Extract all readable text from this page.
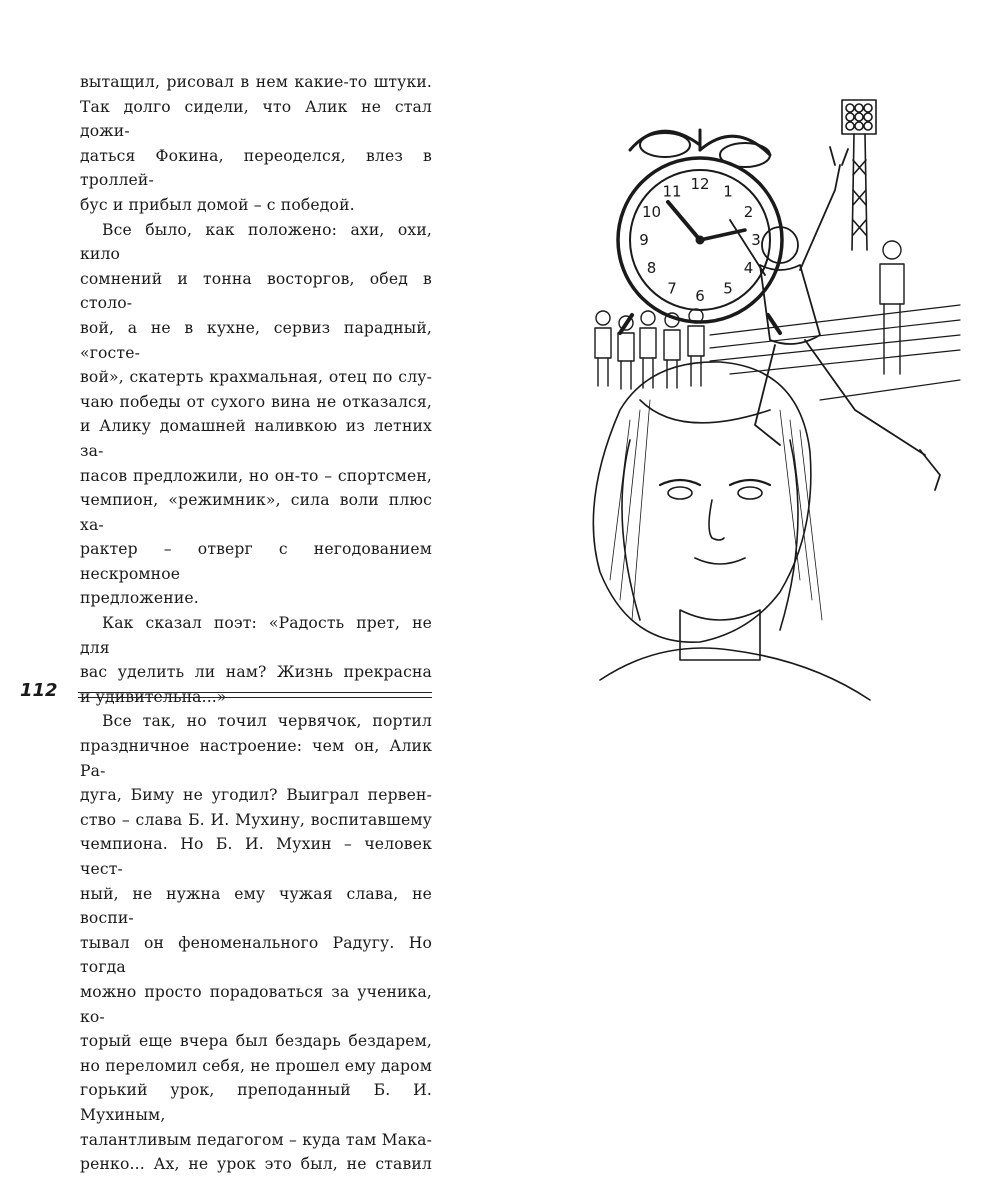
вытащил, рисовал в нем какие-то штуки.
Так долго сидели, что Алик не стал дожи-
даться Фокина, переоделся, влез в троллей-
бус и прибыл домой – с победой.
Все было, как положено: ахи, охи, кило
сомнений и тонна восторгов, обед в столо-
вой, а не в кухне, сервиз парадный, «госте-
вой», скатерть крахмальная, отец по слу-
чаю победы от сухого вина не отказался,
и Алику домашней наливкою из летних за-
пасов предложили, но он-то – спортсмен,
чемпион, «режимник», сила воли плюс ха-
рактер – отверг с негодованием нескромное
предложение.
Как сказал поэт: «Радость прет, не для
вас уделить ли нам? Жизнь прекрасна
и удивительна...»
Все так, но точил червячок, портил
праздничное настроение: чем он, Алик Ра-
дуга, Биму не угодил? Выиграл первен-
ство – слава Б. И. Мухину, воспитавшему
чемпиона. Но Б. И. Мухин – человек чест-
ный, не нужна ему чужая слава, не воспи-
тывал он феноменального Радугу. Но тогда
можно просто порадоваться за ученика, ко-
торый еще вчера был бездарь бездарем,
но переломил себя, не прошел ему даром
горький урок, преподанный Б. И. Мухиным,
талантливым педагогом – куда там Мака-
ренко... Ах, не урок это был, не ставил
112
12 1
2
3
4
5
6
7
8
9
10
11
